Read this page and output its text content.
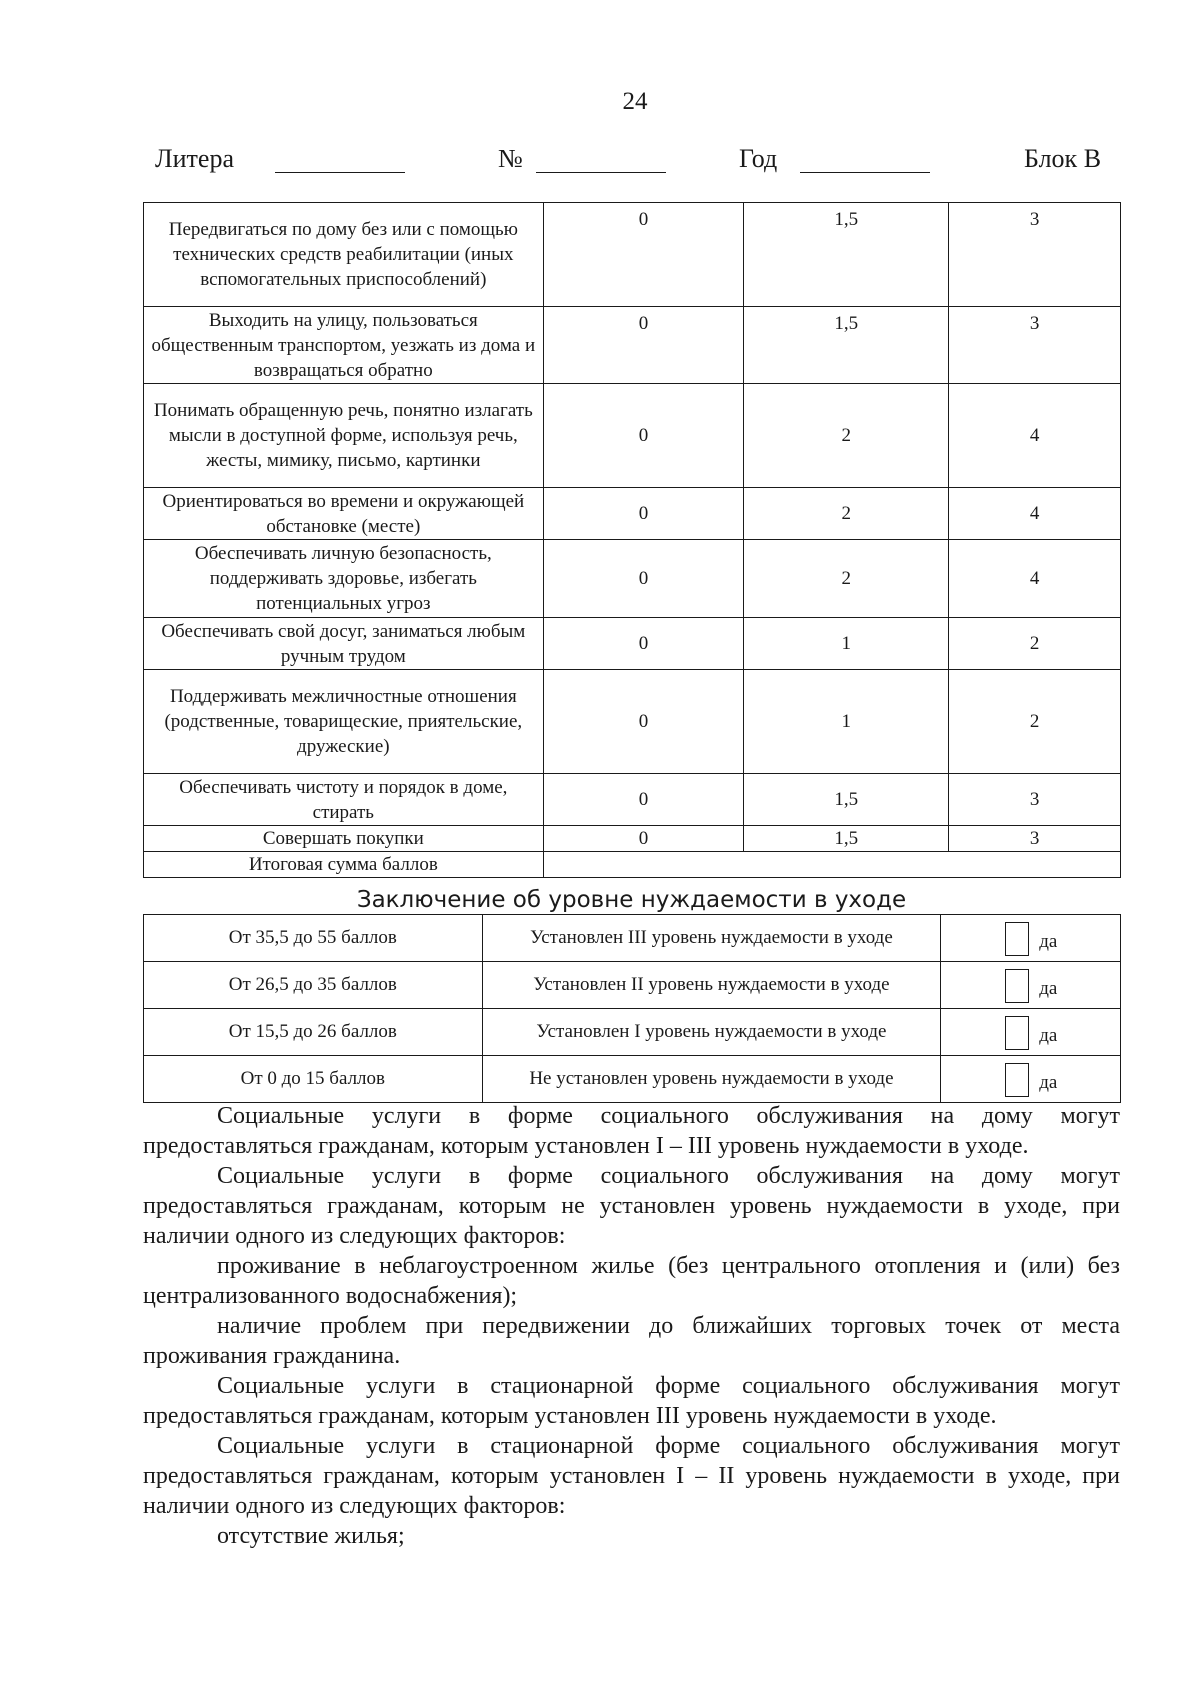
24
Литера	№	Год	Блок В
Передвигаться по дому без или с помощью технических средств реабилитации (иных вспомогательных приспособлений)	0	1,5	3
Выходить на улицу, пользоваться общественным транспортом, уезжать из дома и возвращаться обратно	0	1,5	3
Понимать обращенную речь, понятно излагать мысли в доступной форме, используя речь, жесты, мимику, письмо, картинки	0	2	4
Ориентироваться во времени и окружающей обстановке (месте)	0	2	4
Обеспечивать личную безопасность, поддерживать здоровье, избегать потенциальных угроз	0	2	4
Обеспечивать свой досуг, заниматься любым ручным трудом	0	1	2
Поддерживать межличностные отношения (родственные, товарищеские, приятельские, дружеские)	0	1	2
Обеспечивать чистоту и порядок в доме, стирать	0	1,5	3
Совершать покупки	0	1,5	3
Итоговая сумма баллов			
Заключение об уровне нуждаемости в уходе
От 35,5 до 55 баллов	Установлен III уровень нуждаемости в уходе	да

От 26,5 до 35 баллов	Установлен II уровень нуждаемости в уходе	да

От 15,5 до 26 баллов	Установлен I уровень нуждаемости в уходе	да

От 0 до 15 баллов	Не установлен уровень нуждаемости в уходе	да

Социальные услуги в форме социального обслуживания на дому могут предоставляться гражданам, которым установлен I – III уровень нуждаемости в уходе.

Социальные услуги в форме социального обслуживания на дому могут предоставляться гражданам, которым не установлен уровень нуждаемости в уходе, при наличии одного из следующих факторов:

проживание в неблагоустроенном жилье (без центрального отопления и (или) без централизованного водоснабжения);

наличие проблем при передвижении до ближайших торговых точек от места проживания гражданина.

Социальные услуги в стационарной форме социального обслуживания могут предоставляться гражданам, которым установлен III уровень нуждаемости в уходе.

Социальные услуги в стационарной форме социального обслуживания могут предоставляться гражданам, которым установлен I – II уровень нуждаемости в уходе, при наличии одного из следующих факторов:

отсутствие жилья;
